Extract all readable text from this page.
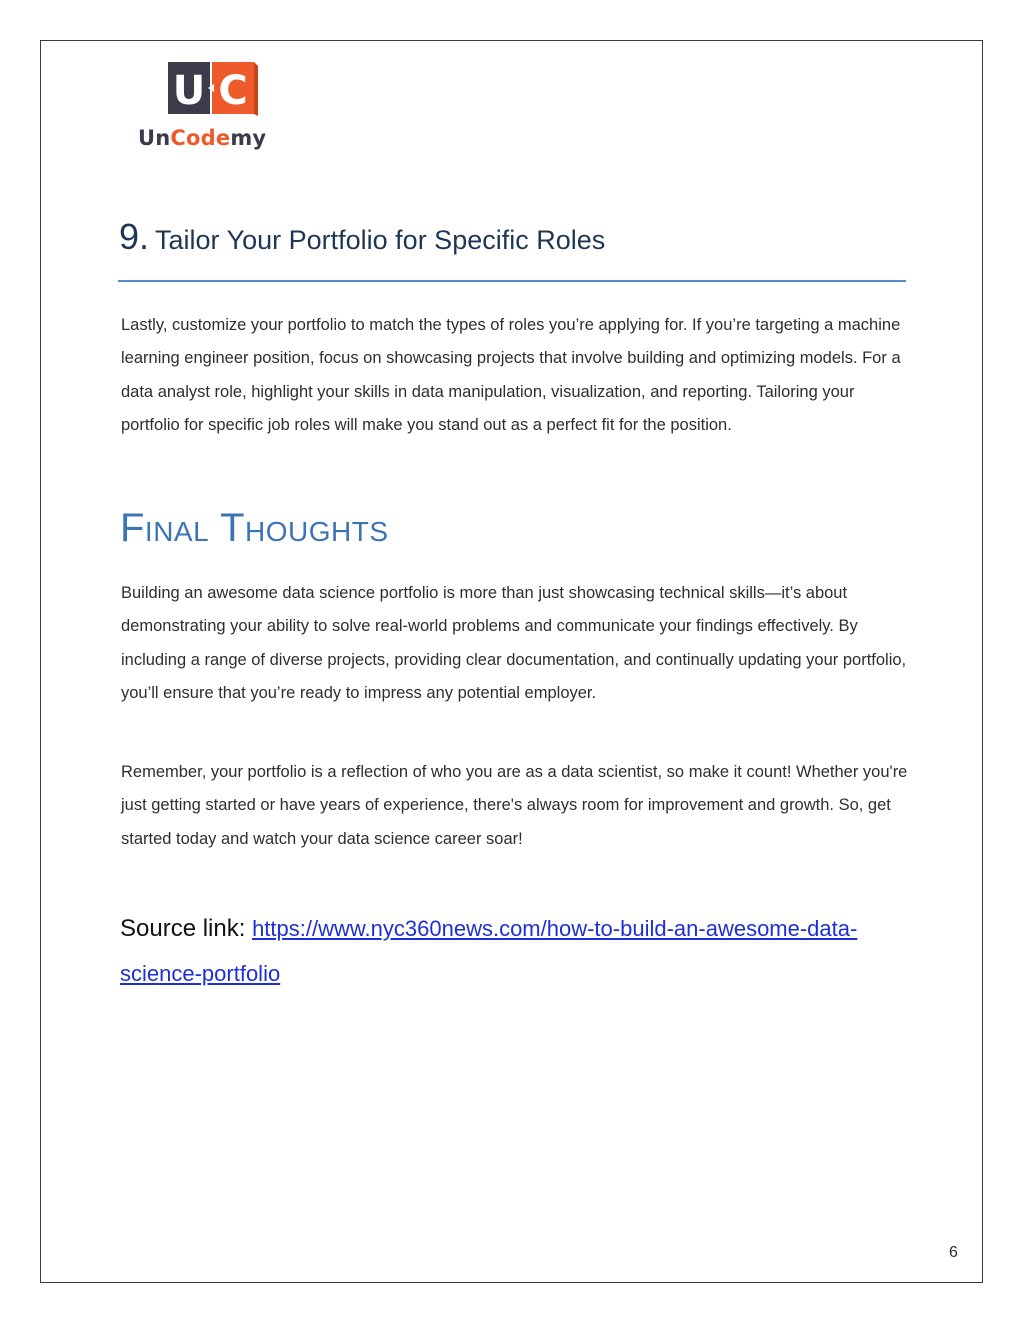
U C
UnCodemy
9. Tailor Your Portfolio for Specific Roles

Lastly, customize your portfolio to match the types of roles you’re applying for. If you’re targeting a machine learning engineer position, focus on showcasing projects that involve building and optimizing models. For a data analyst role, highlight your skills in data manipulation, visualization, and reporting. Tailoring your portfolio for specific job roles will make you stand out as a perfect fit for the position.

Final Thoughts

Building an awesome data science portfolio is more than just showcasing technical skills—it’s about demonstrating your ability to solve real-world problems and communicate your findings effectively. By including a range of diverse projects, providing clear documentation, and continually updating your portfolio, you’ll ensure that you’re ready to impress any potential employer.

Remember, your portfolio is a reflection of who you are as a data scientist, so make it count! Whether you're just getting started or have years of experience, there's always room for improvement and growth. So, get started today and watch your data science career soar!

Source link: https://www.nyc360news.com/how-to-build-an-awesome-data-science-portfolio

6
